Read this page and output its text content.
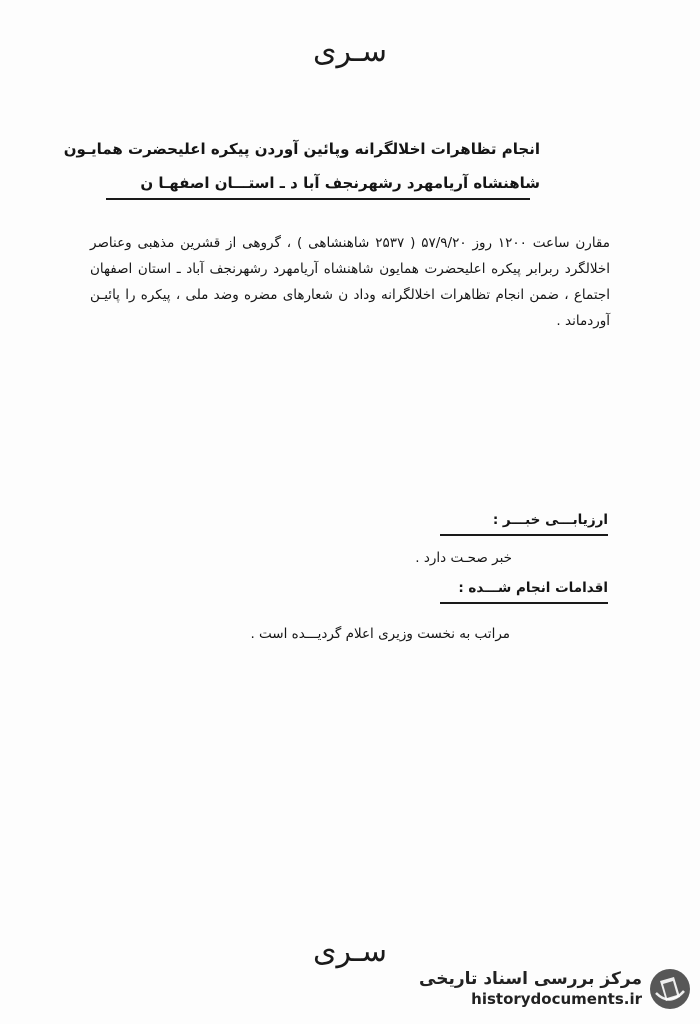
سـری
انجام تظاهرات اخلالگرانه وپائین آوردن پیکره اعلیحضرت همایـون
شاهنشاه آریامهرد رشهرنجف آبا د ـ استـــان اصفهـا ن

مقارن ساعت ۱۲۰۰ روز ۵۷/۹/۲۰ ( ۲۵۳۷ شاهنشاهی ) ، گروهی از قشرین مذهبی وعناصر اخلالگرد ربرابر پیکره اعلیحضرت همایون شاهنشاه آریامهرد رشهرنجف آباد ـ استان اصفهان اجتماع ، ضمن انجام تظاهرات اخلالگرانه وداد ن شعارهای مضره وضد ملی ، پیکره را پائیـن آوردماند .

ارزیابـــی خبـــر :
خبر صحـت دارد .
اقدامات انجام شـــده :
مراتب به نخست وزیری اعلام گردیـــده است .
سـری
مرکز بررسی اسناد تاریخی
historydocuments.ir
